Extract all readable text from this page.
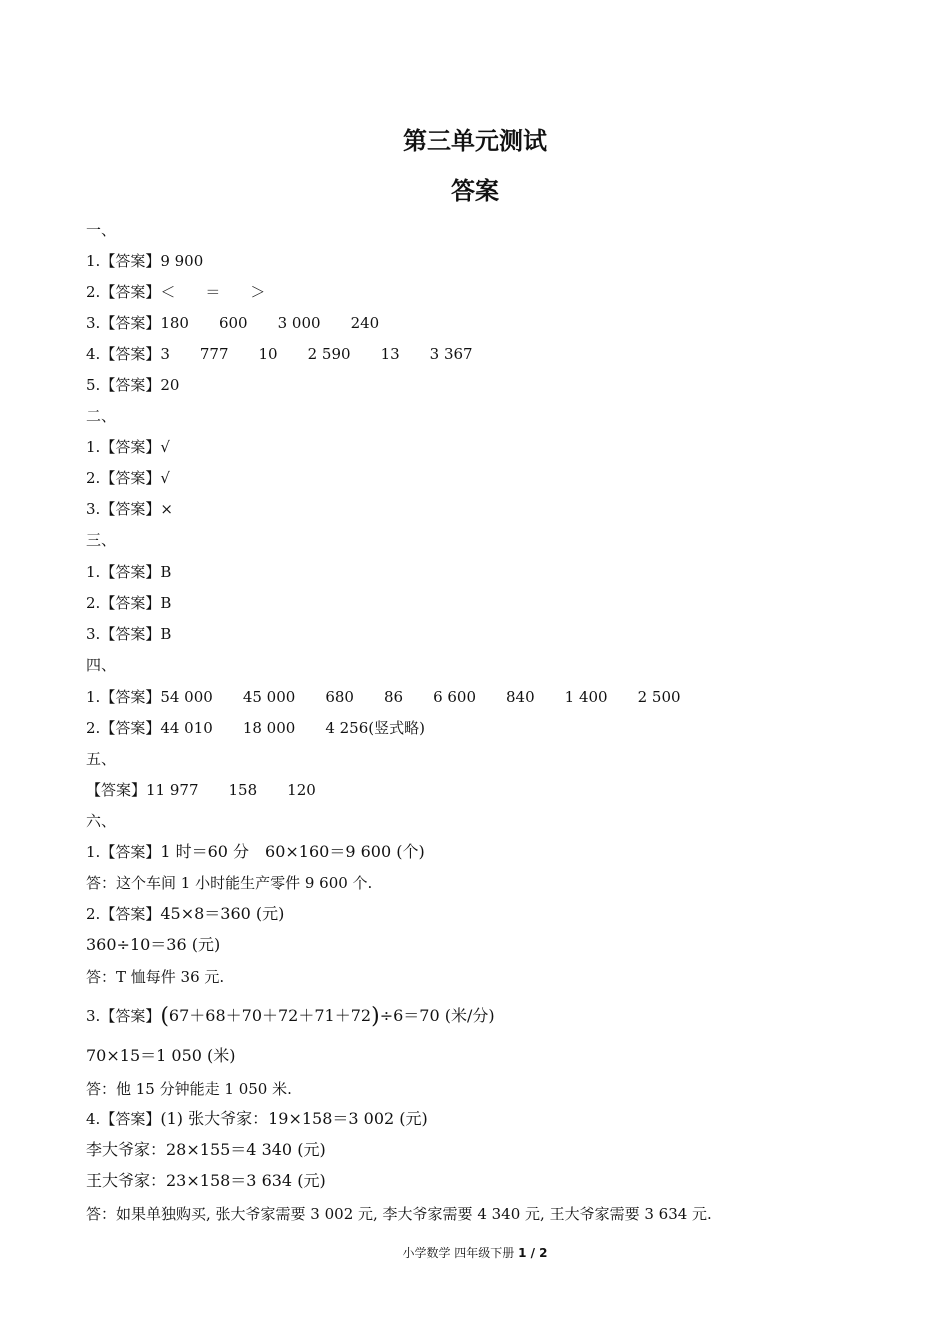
第三单元测试
答案
一、
1.【答案】9 900
2.【答案】＜ ＝ ＞
3.【答案】180 600 3 000 240
4.【答案】3 777 10 2 590 13 3 367
5.【答案】20
二、
1.【答案】√
2.【答案】√
3.【答案】×
三、
1.【答案】B
2.【答案】B
3.【答案】B
四、
1.【答案】54 000 45 000 680 86 6 600 840 1 400 2 500
2.【答案】44 010 18 000 4 256(竖式略)
五、
【答案】11 977 158 120
六、
1.【答案】1 时＝60 分　60×160＝9 600 (个)
答：这个车间 1 小时能生产零件 9 600 个.
2.【答案】45×8＝360 (元)
360÷10＝36 (元)
答：T 恤每件 36 元.
3.【答案】(67＋68＋70＋72＋71＋72)÷6＝70 (米/分)
70×15＝1 050 (米)
答：他 15 分钟能走 1 050 米.
4.【答案】(1) 张大爷家：19×158＝3 002 (元)
李大爷家：28×155＝4 340 (元)
王大爷家：23×158＝3 634 (元)
答：如果单独购买, 张大爷家需要 3 002 元, 李大爷家需要 4 340 元, 王大爷家需要 3 634 元.
小学数学 四年级下册 1 / 2
